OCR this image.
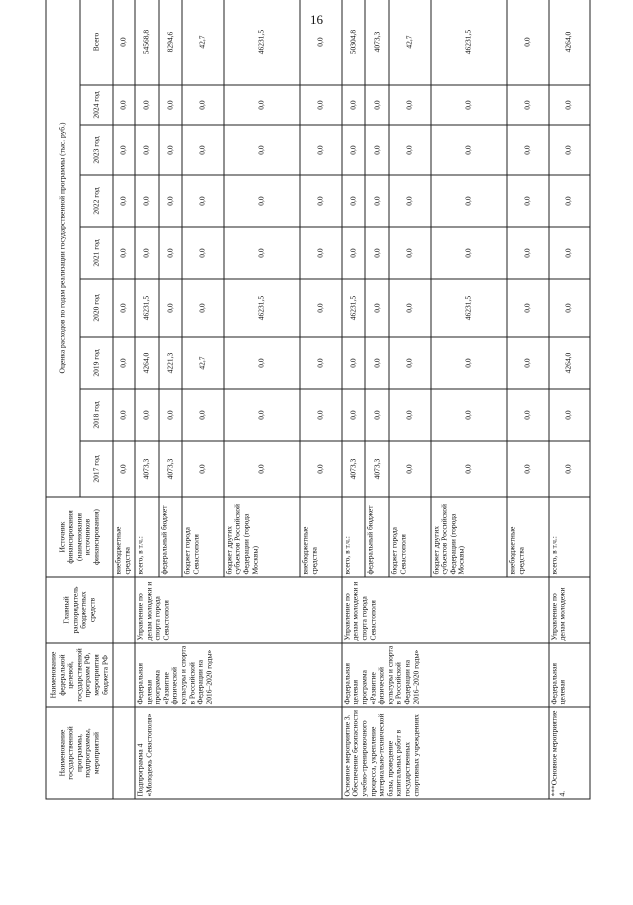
16
Наименование государственной программы, подпрограммы, мероприятий	Наименование федеральной целевой, государственной программ РФ, мероприятия бюджета РФ	Главный распорядитель бюджетных средств	Источник финансирования (наименования источников финансирования)	Оценка расходов по годам реализации государственной программы (тыс. руб.)								
				2017 год	2018 год	2019 год	2020 год	2021 год	2022 год	2023 год	2024 год	Всего
			внебюджетные средства	0,0	0,0	0,0	0,0	0,0	0,0	0,0	0,0	0,0
Подпрограмма 4 «Молодежь Севастополя»	Федеральная целевая программа «Развитие физической культуры и спорта в Российской Федерации на 2016–2020 годы»	Управление по делам молодежи и спорта города Севастополя	всего, в т.ч.:	4073,3	0,0	4264,0	46231,5	0,0	0,0	0,0	0,0	54568,8
			федеральный бюджет	4073,3	0,0	4221,3	0,0	0,0	0,0	0,0	0,0	8294,6
			бюджет города Севастополя	0,0	0,0	42,7	0,0	0,0	0,0	0,0	0,0	42,7
			бюджет других субъектов Российской Федерации (города Москвы)	0,0	0,0	0,0	46231,5	0,0	0,0	0,0	0,0	46231,5
			внебюджетные средства	0,0	0,0	0,0	0,0	0,0	0,0	0,0	0,0	0,0
Основное мероприятие 3. Обеспечение безопасности учебно-тренировочного процесса, укрепление материально-технической базы, проведение капитальных работ в государственных спортивных учреждениях	Федеральная целевая программа «Развитие физической культуры и спорта в Российской Федерации на 2016–2020 годы»	Управление по делам молодежи и спорта города Севастополя	всего, в т.ч.:	4073,3	0,0	0,0	46231,5	0,0	0,0	0,0	0,0	50304,8
			федеральный бюджет	4073,3	0,0	0,0	0,0	0,0	0,0	0,0	0,0	4073,3
			бюджет города Севастополя	0,0	0,0	0,0	0,0	0,0	0,0	0,0	0,0	42,7
			бюджет других субъектов Российской Федерации (города Москвы)	0,0	0,0	0,0	46231,5	0,0	0,0	0,0	0,0	46231,5
			внебюджетные средства	0,0	0,0	0,0	0,0	0,0	0,0	0,0	0,0	0,0
***Основное мероприятие 4.	Федеральная целевая	Управление по делам молодежи	всего, в т.ч.:	0,0	0,0	4264,0	0,0	0,0	0,0	0,0	0,0	4264,0
